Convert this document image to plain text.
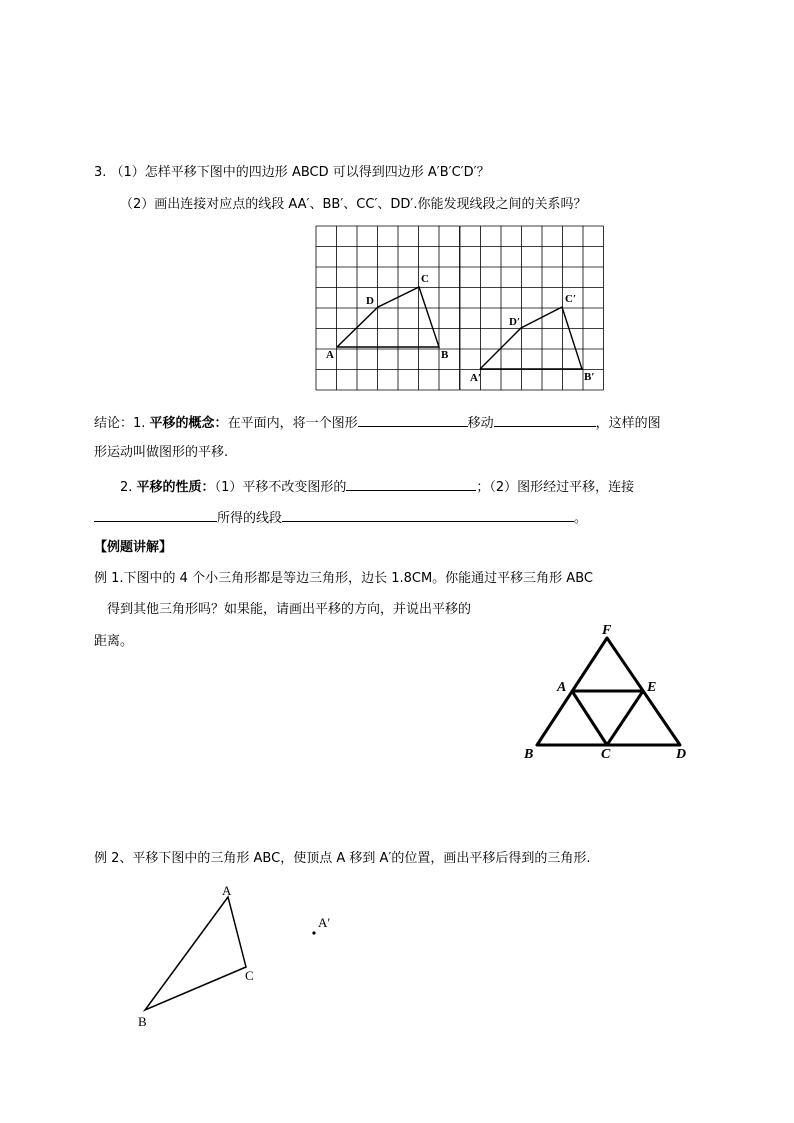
3. （1）怎样平移下图中的四边形 ABCD 可以得到四边形 A′B′C′D′？
（2）画出连接对应点的线段 AA′、BB′、CC′、DD′.你能发现线段之间的关系吗？
A	B
C
D
A′	B′
C′
D′
结论：1. 平移的概念：在平面内，将一个图形	移动	，这样的图
形运动叫做图形的平移.
2. 平移的性质：（1）平移不改变图形的	；（2）图形经过平移，连接
所得的线段	。
【例题讲解】
例 1.下图中的 4 个小三角形都是等边三角形，边长 1.8CM。你能通过平移三角形 ABC
得到其他三角形吗？如果能，请画出平移的方向，并说出平移的
距离。
F
A	E
B	C	D
例 2、平移下图中的三角形 ABC，使顶点 A 移到 A′的位置，画出平移后得到的三角形.
A
C
B
A′
